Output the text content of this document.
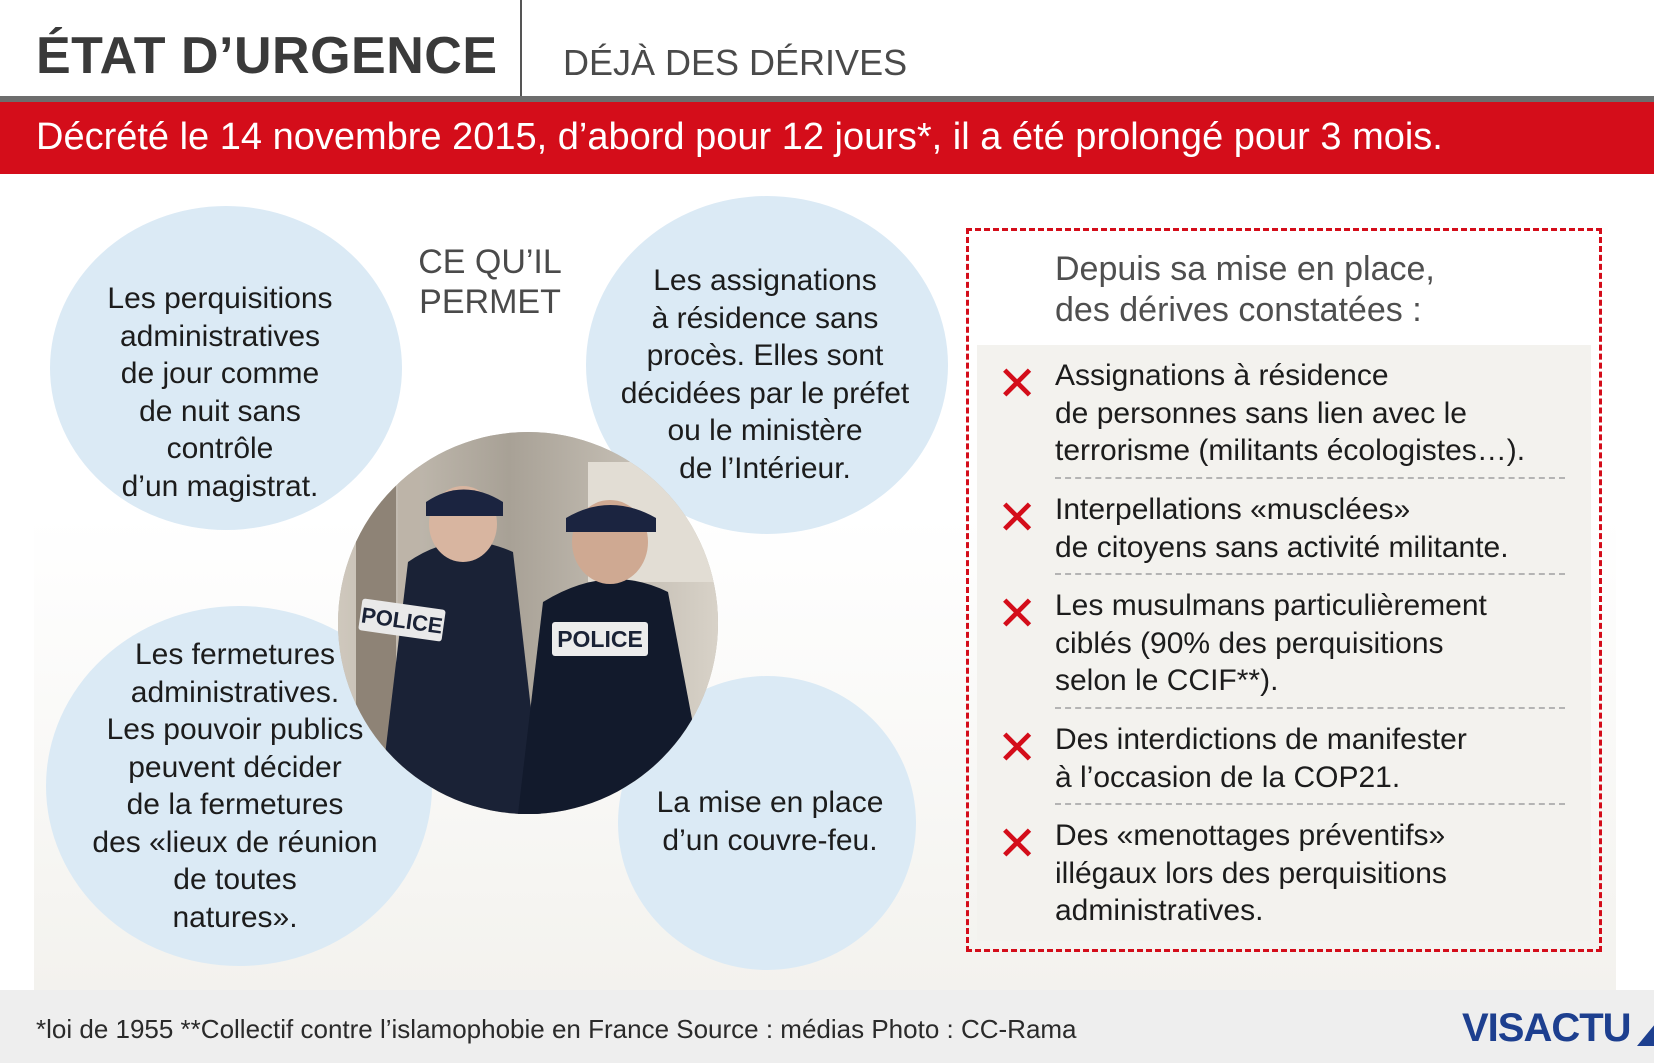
ÉTAT D’URGENCE DÉJÀ DES DÉRIVES
Décrété le 14 novembre 2015, d’abord pour 12 jours*, il a été prolongé pour 3 mois.
POLICE
POLICE
Les perquisitions
administratives
de jour comme
de nuit sans
contrôle
d’un magistrat.
Les assignations
à résidence sans
procès. Elles sont
décidées par le préfet
ou le ministère
de l’Intérieur.
Les fermetures
administratives.
Les pouvoir publics
peuvent décider
de la fermetures
des «lieux de réunion
de toutes
natures».
La mise en place
d’un couvre-feu.
CE QU’IL
PERMET
Depuis sa mise en place,
des dérives constatées :
✕ Assignations à résidence
de personnes sans lien avec le
terrorisme (militants écologistes…).
✕ Interpellations «musclées»
de citoyens sans activité militante.
✕ Les musulmans particulièrement
ciblés (90% des perquisitions
selon le CCIF**).
✕ Des interdictions de manifester
à l’occasion de la COP21.
✕ Des «menottages préventifs»
illégaux lors des perquisitions
administratives.
*loi de 1955 **Collectif contre l’islamophobie en France Source : médias Photo : CC-Rama	VISACTU
